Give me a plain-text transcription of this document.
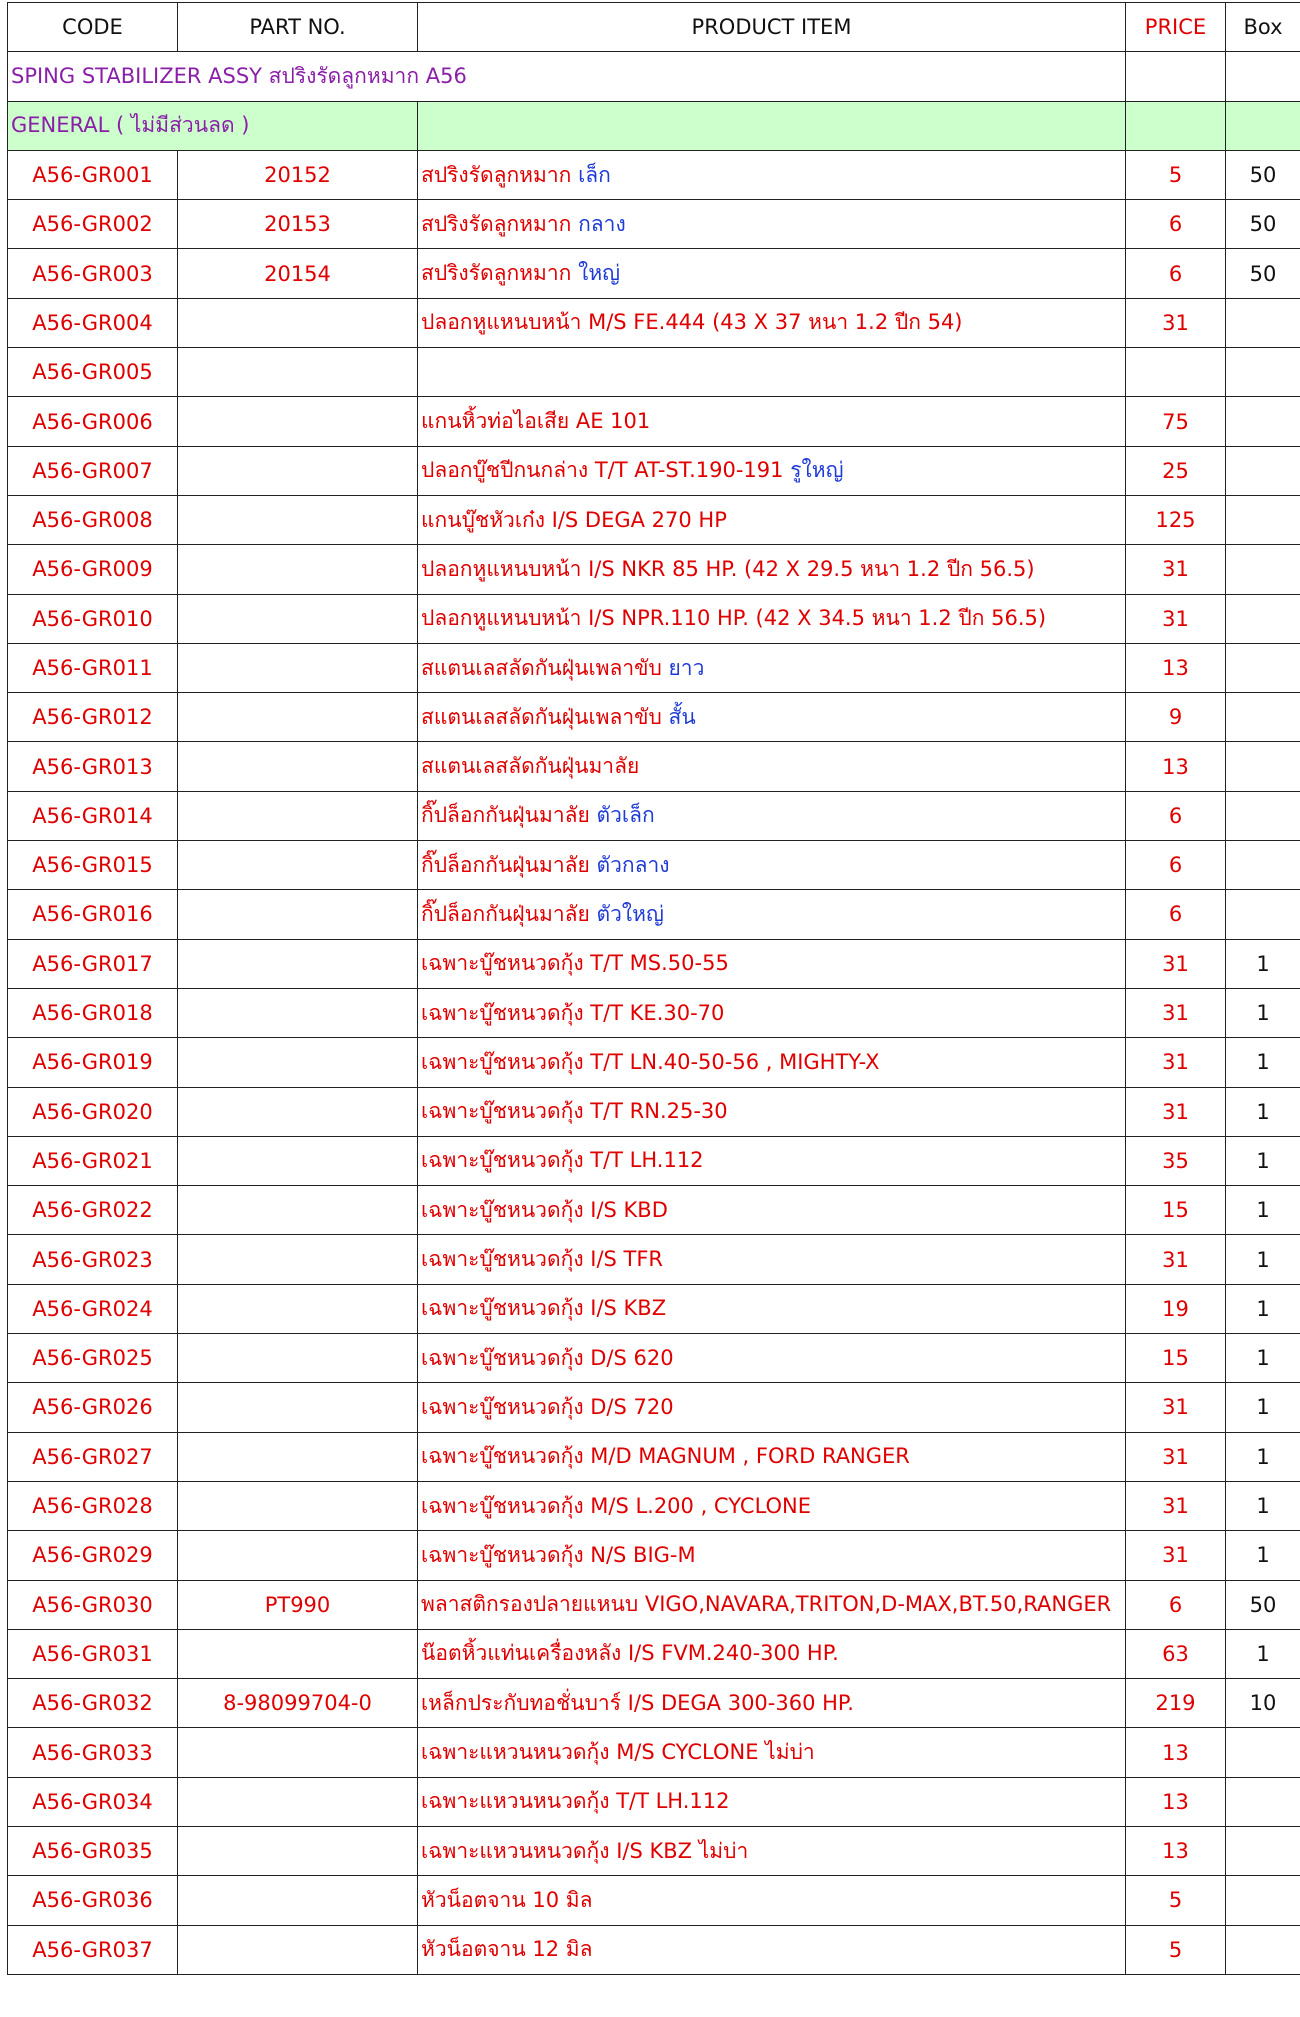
CODE	PART NO.	PRODUCT ITEM	PRICE	Box
SPING STABILIZER ASSY สปริงรัดลูกหมาก A56				
GENERAL ( ไม่มีส่วนลด )				
A56-GR001	20152	สปริงรัดลูกหมาก เล็ก	5	50
A56-GR002	20153	สปริงรัดลูกหมาก กลาง	6	50
A56-GR003	20154	สปริงรัดลูกหมาก ใหญ่	6	50
A56-GR004		ปลอกหูแหนบหน้า M/S FE.444 (43 X 37 หนา 1.2 ปีก 54)	31	
A56-GR005				
A56-GR006		แกนหิ้วท่อไอเสีย AE 101	75	
A56-GR007		ปลอกบู๊ชปีกนกล่าง T/T AT-ST.190-191 รูใหญ่	25	
A56-GR008		แกนบู๊ชหัวเก๋ง I/S DEGA 270 HP	125	
A56-GR009		ปลอกหูแหนบหน้า I/S NKR 85 HP. (42 X 29.5 หนา 1.2 ปีก 56.5)	31	
A56-GR010		ปลอกหูแหนบหน้า I/S NPR.110 HP. (42 X 34.5 หนา 1.2 ปีก 56.5)	31	
A56-GR011		สแตนเลสลัดกันฝุ่นเพลาขับ ยาว	13	
A56-GR012		สแตนเลสลัดกันฝุ่นเพลาขับ สั้น	9	
A56-GR013		สแตนเลสลัดกันฝุ่นมาลัย	13	
A56-GR014		กิ๊ปล็อกกันฝุ่นมาลัย ตัวเล็ก	6	
A56-GR015		กิ๊ปล็อกกันฝุ่นมาลัย ตัวกลาง	6	
A56-GR016		กิ๊ปล็อกกันฝุ่นมาลัย ตัวใหญ่	6	
A56-GR017		เฉพาะบู๊ชหนวดกุ้ง T/T MS.50-55	31	1
A56-GR018		เฉพาะบู๊ชหนวดกุ้ง T/T KE.30-70	31	1
A56-GR019		เฉพาะบู๊ชหนวดกุ้ง T/T LN.40-50-56 , MIGHTY-X	31	1
A56-GR020		เฉพาะบู๊ชหนวดกุ้ง T/T RN.25-30	31	1
A56-GR021		เฉพาะบู๊ชหนวดกุ้ง T/T LH.112	35	1
A56-GR022		เฉพาะบู๊ชหนวดกุ้ง I/S KBD	15	1
A56-GR023		เฉพาะบู๊ชหนวดกุ้ง I/S TFR	31	1
A56-GR024		เฉพาะบู๊ชหนวดกุ้ง I/S KBZ	19	1
A56-GR025		เฉพาะบู๊ชหนวดกุ้ง D/S 620	15	1
A56-GR026		เฉพาะบู๊ชหนวดกุ้ง D/S 720	31	1
A56-GR027		เฉพาะบู๊ชหนวดกุ้ง M/D MAGNUM , FORD RANGER	31	1
A56-GR028		เฉพาะบู๊ชหนวดกุ้ง M/S L.200 , CYCLONE	31	1
A56-GR029		เฉพาะบู๊ชหนวดกุ้ง N/S BIG-M	31	1
A56-GR030	PT990	พลาสติกรองปลายแหนบ VIGO,NAVARA,TRITON,D-MAX,BT.50,RANGER	6	50
A56-GR031		น๊อตหิ้วแท่นเครื่องหลัง I/S FVM.240-300 HP.	63	1
A56-GR032	8-98099704-0	เหล็กประกับทอชั่นบาร์ I/S DEGA 300-360 HP.	219	10
A56-GR033		เฉพาะแหวนหนวดกุ้ง M/S CYCLONE ไม่บ่า	13	
A56-GR034		เฉพาะแหวนหนวดกุ้ง T/T LH.112	13	
A56-GR035		เฉพาะแหวนหนวดกุ้ง I/S KBZ ไม่บ่า	13	
A56-GR036		หัวน็อตจาน 10 มิล	5	
A56-GR037		หัวน็อตจาน 12 มิล	5	
